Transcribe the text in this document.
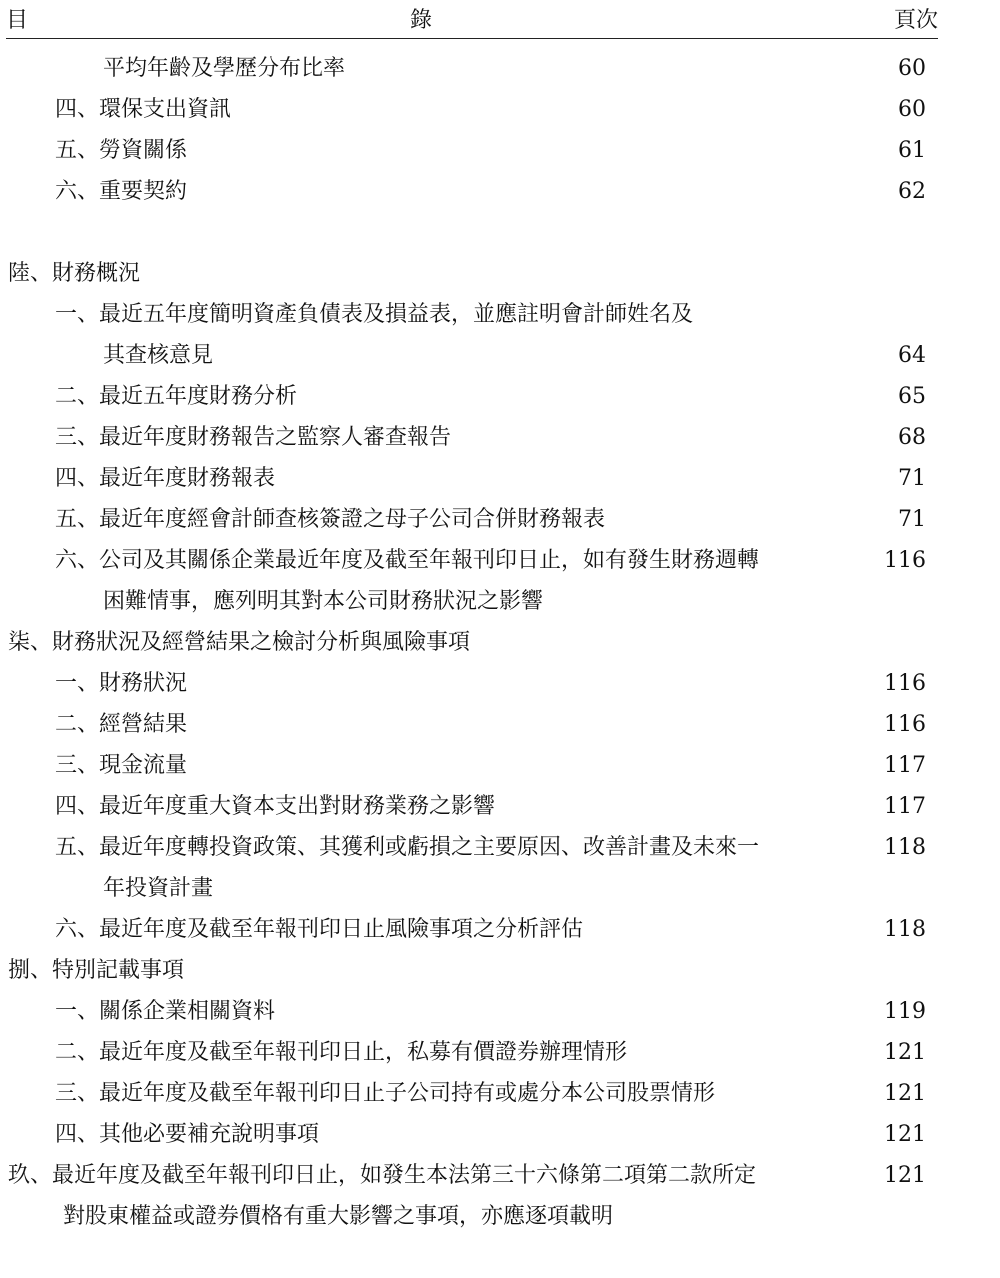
目	錄	頁次
平均年齡及學歷分布比率	60
四、環保支出資訊	60
五、勞資關係	61
六、重要契約	62
陸、財務概況
一、最近五年度簡明資產負債表及損益表，並應註明會計師姓名及
其查核意見	64
二、最近五年度財務分析	65
三、最近年度財務報告之監察人審查報告	68
四、最近年度財務報表	71
五、最近年度經會計師查核簽證之母子公司合併財務報表	71
六、公司及其關係企業最近年度及截至年報刊印日止，如有發生財務週轉	116
困難情事，應列明其對本公司財務狀況之影響
柒、財務狀況及經營結果之檢討分析與風險事項
一、財務狀況	116
二、經營結果	116
三、現金流量	117
四、最近年度重大資本支出對財務業務之影響	117
五、最近年度轉投資政策、其獲利或虧損之主要原因、改善計畫及未來一	118
年投資計畫
六、最近年度及截至年報刊印日止風險事項之分析評估	118
捌、特別記載事項
一、關係企業相關資料	119
二、最近年度及截至年報刊印日止，私募有價證券辦理情形	121
三、最近年度及截至年報刊印日止子公司持有或處分本公司股票情形	121
四、其他必要補充說明事項	121
玖、最近年度及截至年報刊印日止，如發生本法第三十六條第二項第二款所定	121
對股東權益或證券價格有重大影響之事項，亦應逐項載明
